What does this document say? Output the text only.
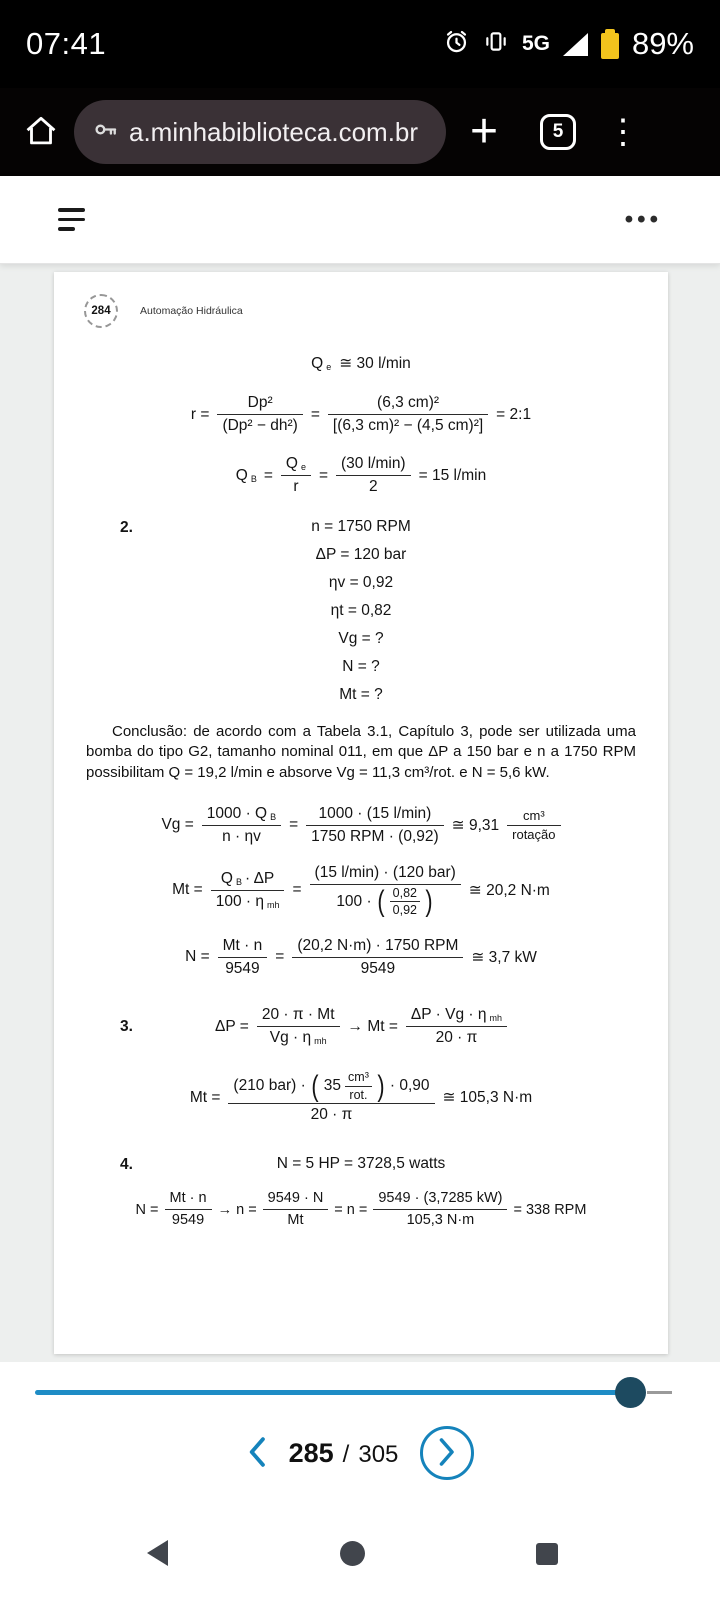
07:41	5G	89%
a.minhabiblioteca.com.br +	5 ⋮
•••
284	Automação Hidráulica
Q $_e$ ≅ 30 l/min
$r = \frac{\text{Dp²}}{\text{(Dp² − dh²)}} = \frac{\text{(6,3 cm)²}}{\text{[(6,3 cm)² − (4,5 cm)²]}}$ = 2:1
Q $_B = \frac{Q _e}{r} = \frac{(30 l/\min)}{2} = 15$ l/min
2.	n = 1750 RPM
ΔP = 120 bar
ηv = 0,92
ηt = 0,82
Vg = ?
N = ?
Mt = ?

Conclusão: de acordo com a Tabela 3.1, Capítulo 3, pode ser utilizada uma bomba do tipo G2, tamanho nominal 011, em que ΔP a 150 bar e n a 1750 RPM possibilitam Q = 19,2 l/min e absorve Vg = 11,3 cm³/rot. e N = 5,6 kW.

$Vg = \frac{1000 \cdot Q _B}{n \cdot \eta v} = \frac{1000 \cdot (15 l/\min)}{\text{1750 RPM · (0,92)}}$ ≅ $9,31 \frac{\text{cm³}}{\text{rotação}}$
$Mt = \frac{Q _B \cdot \Delta P}{100 \cdot \eta _{mh}}$ =
(15 l/min) · (120 bar)
100 · ( $\frac{0,82}{0,92}$ ) ≅ 20,2 N·m
$N = \frac{Mt \cdot n}{9549} = \frac{\text{(20,2 N·m) · 1750 RPM}}{9549}$ ≅ 3,7 kW
3.	$\Delta P = \frac{20 \cdot \pi \cdot Mt}{Vg \cdot \eta _{mh}} \to Mt = \frac{\Delta P \cdot Vg \cdot \eta _{mh}}{20 \cdot \pi}$
Mt =
(210 bar) · ( $35 \frac{\text{cm³}}{\text{rot.}}$ ) · 0,90
20 · π
≅ 105,3 N·m
4.	N = 5 HP = 3728,5 watts
$N = \frac{Mt \cdot n}{9549} \to n = \frac{9549 \cdot N}{Mt} = n = \frac{9549 \cdot (3,7285 kW)}{105,3 N\cdot m} = 338$ RPM
285 / 305
